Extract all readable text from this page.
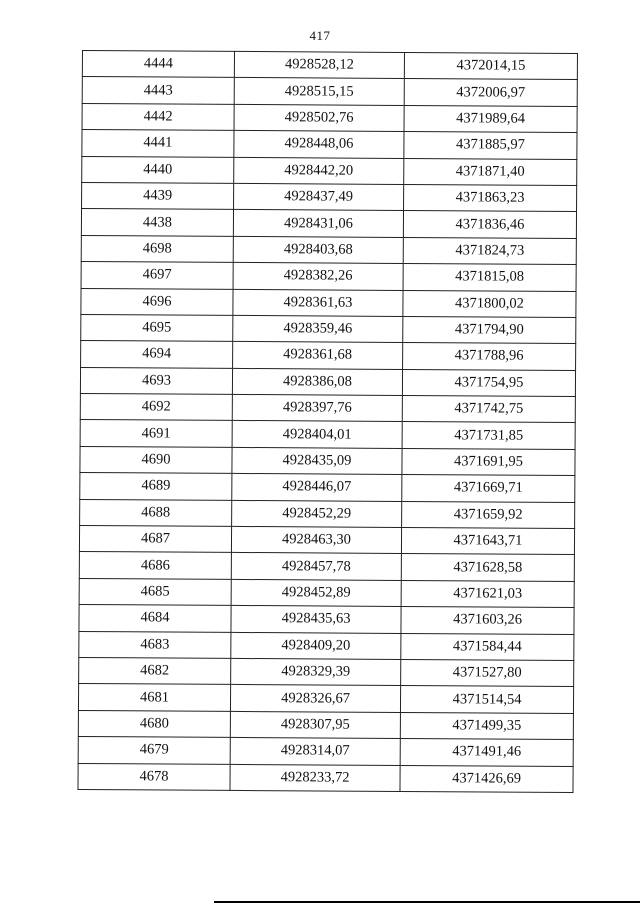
417
4444	4928528,12	4372014,15
4443	4928515,15	4372006,97
4442	4928502,76	4371989,64
4441	4928448,06	4371885,97
4440	4928442,20	4371871,40
4439	4928437,49	4371863,23
4438	4928431,06	4371836,46
4698	4928403,68	4371824,73
4697	4928382,26	4371815,08
4696	4928361,63	4371800,02
4695	4928359,46	4371794,90
4694	4928361,68	4371788,96
4693	4928386,08	4371754,95
4692	4928397,76	4371742,75
4691	4928404,01	4371731,85
4690	4928435,09	4371691,95
4689	4928446,07	4371669,71
4688	4928452,29	4371659,92
4687	4928463,30	4371643,71
4686	4928457,78	4371628,58
4685	4928452,89	4371621,03
4684	4928435,63	4371603,26
4683	4928409,20	4371584,44
4682	4928329,39	4371527,80
4681	4928326,67	4371514,54
4680	4928307,95	4371499,35
4679	4928314,07	4371491,46
4678	4928233,72	4371426,69
